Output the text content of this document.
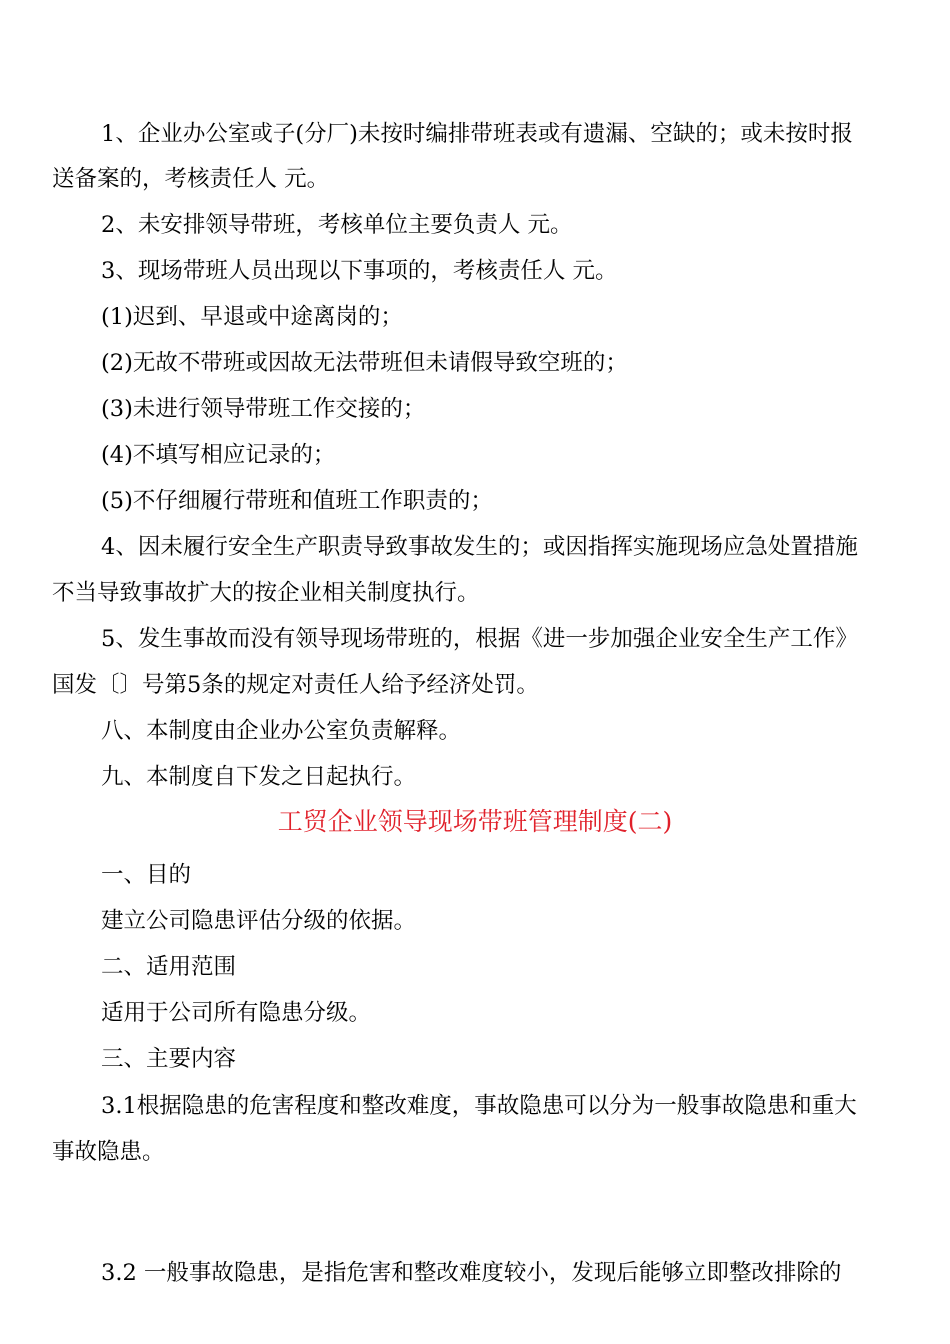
1、企业办公室或子(分厂)未按时编排带班表或有遗漏、空缺的；或未按时报
送备案的，考核责任人 元。
2、未安排领导带班，考核单位主要负责人 元。
3、现场带班人员出现以下事项的，考核责任人 元。
(1)迟到、早退或中途离岗的；
(2)无故不带班或因故无法带班但未请假导致空班的；
(3)未进行领导带班工作交接的；
(4)不填写相应记录的；
(5)不仔细履行带班和值班工作职责的；
4、因未履行安全生产职责导致事故发生的；或因指挥实施现场应急处置措施
不当导致事故扩大的按企业相关制度执行。
5、发生事故而没有领导现场带班的，根据《进一步加强企业安全生产工作》
国发〔〕号第5条的规定对责任人给予经济处罚。
八、本制度由企业办公室负责解释。
九、本制度自下发之日起执行。
工贸企业领导现场带班管理制度(二)
一、目的
建立公司隐患评估分级的依据。
二、适用范围
适用于公司所有隐患分级。
三、主要内容
3.1根据隐患的危害程度和整改难度，事故隐患可以分为一般事故隐患和重大
事故隐患。
3.2 一般事故隐患，是指危害和整改难度较小，发现后能够立即整改排除的
